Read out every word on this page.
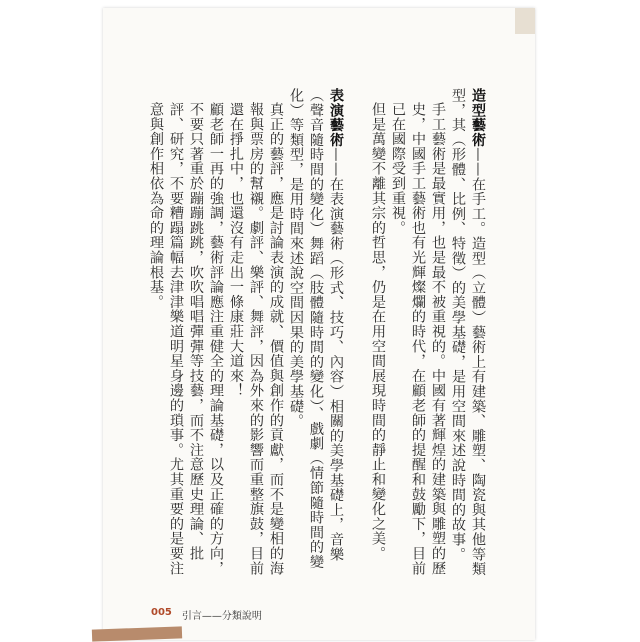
造型藝術——在手工。造型（立體）藝術上有建築、雕塑、陶瓷與其他等類型，其（形體、比例、特徵）的美學基礎，是用空間來述說時間的故事。

手工藝術是最實用，也是最不被重視的。中國有著輝煌的建築與雕塑的歷史，中國手工藝術也有光輝燦爛的時代，在顧老師的提醒和鼓勵下，目前已在國際受到重視。

但是萬變不離其宗的哲思，仍是在用空間展現時間的靜止和變化之美。

表演藝術——在表演藝術（形式、技巧、內容）相關的美學基礎上，音樂（聲音隨時間的變化）舞蹈（肢體隨時間的變化）、戲劇（情節隨時間的變化）等類型，是用時間來述說空間因果的美學基礎。

真正的藝評，應是討論表演的成就、價值與創作的貢獻，而不是變相的海報與票房的幫襯。劇評、樂評、舞評，因為外來的影響而重整旗鼓，目前還在掙扎中，也還沒有走出一條康莊大道來！

顧老師一再的強調，藝術評論應注重健全的理論基礎，以及正確的方向，不要只著重於蹦蹦跳跳，吹吹唱唱彈彈等技藝，而不注意歷史理論、批評、研究，不要糟蹋篇幅去津津樂道明星身邊的瑣事。尤其重要的是要注意與創作相依為命的理論根基。

005 引言——分類說明
